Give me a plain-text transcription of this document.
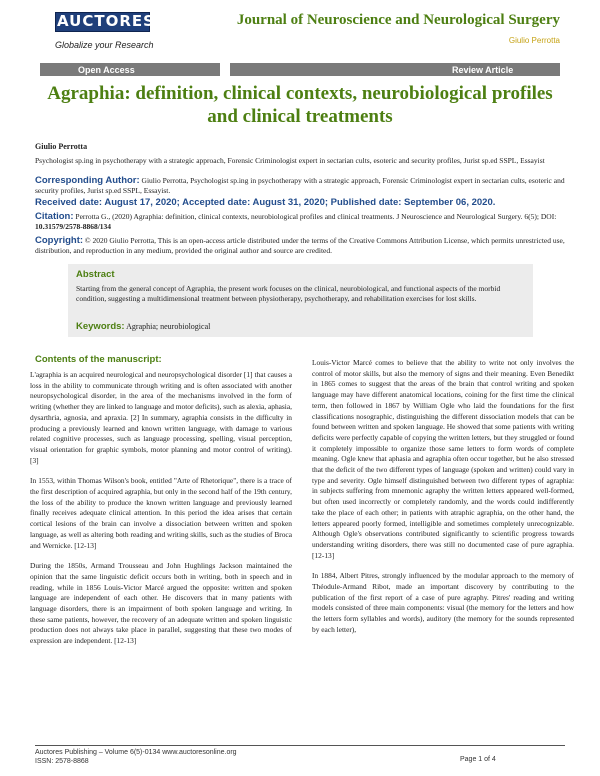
AUCTORES
Globalize your Research
Journal of Neuroscience and Neurological Surgery
Giulio Perrotta
Open Access	Review Article
Agraphia: definition, clinical contexts, neurobiological profiles and clinical treatments
Giulio Perrotta
Psychologist sp.ing in psychotherapy with a strategic approach, Forensic Criminologist expert in sectarian cults, esoteric and security profiles, Jurist sp.ed SSPL, Essayist
Corresponding Author: Giulio Perrotta, Psychologist sp.ing in psychotherapy with a strategic approach, Forensic Criminologist expert in sectarian cults, esoteric and security profiles, Jurist sp.ed SSPL, Essayist.
Received date: August 17, 2020; Accepted date: August 31, 2020; Published date: September 06, 2020.
Citation: Perrotta G., (2020) Agraphia: definition, clinical contexts, neurobiological profiles and clinical treatments. J Neuroscience and Neurological Surgery. 6(5); DOI: 10.31579/2578-8868/134
Copyright: © 2020 Giulio Perrotta, This is an open-access article distributed under the terms of the Creative Commons Attribution License, which permits unrestricted use, distribution, and reproduction in any medium, provided the original author and source are credited.
Abstract
Starting from the general concept of Agraphia, the present work focuses on the clinical, neurobiological, and functional aspects of the morbid condition, suggesting a multidimensional treatment between physiotherapy, psychotherapy, and rehabilitation exercises for lost skills.
Keywords: Agraphia; neurobiological
Contents of the manuscript:

L'agraphia is an acquired neurological and neuropsychological disorder [1] that causes a loss in the ability to communicate through writing and is often associated with another neuropsychological disorder, in the area of the mechanisms involved in the form of writing (whether they are linked to language and motor deficits), such as alexia, aphasia, dysarthria, agnosia, and apraxia. [2] In summary, agraphia consists in the difficulty in producing a previously learned and known written language, with damage to various related cognitive processes, such as language processing, spelling, visual perception, visual orientation for graphic symbols, motor planning and motor control of writing). [3]

In 1553, within Thomas Wilson's book, entitled "Arte of Rhetorique", there is a trace of the first description of acquired agraphia, but only in the second half of the 19th century, the loss of the ability to produce the known written language and previously learned finally receives adequate clinical attention. In this period the idea arises that certain cortical lesions of the brain can involve a dissociation between written and spoken language, as well as altering both reading and writing skills, such as the studies of Broca and Wernicke. [12-13]

During the 1850s, Armand Trousseau and John Hughlings Jackson maintained the opinion that the same linguistic deficit occurs both in writing, both in speech and in reading, while in 1856 Louis-Victor Marcé argued the opposite: written and spoken language are independent of each other. He discovers that in many patients with language disorders, there is an impairment of both spoken language and writing. In these same patients, however, the recovery of an adequate written and spoken linguistic production does not always take place in parallel, suggesting that these two modes of expression are independent. [12-13]

Louis-Victor Marcé comes to believe that the ability to write not only involves the control of motor skills, but also the memory of signs and their meaning. Even Benedikt in 1865 comes to suggest that the areas of the brain that control writing and spoken language may have different anatomical locations, coining for the first time the clinical term, then followed in 1867 by William Ogle who laid the foundations for the first classifications nosographic, distinguishing the different dissociation models that can be found between written and spoken language. He showed that some patients with writing deficits were perfectly capable of copying the written letters, but they struggled or found it completely impossible to organize those same letters to form words of complete meaning. Ogle knew that aphasia and agraphia often occur together, but he also stressed that the deficit of the two different types of language (spoken and written) could vary in type and severity. Ogle himself distinguished between two different types of agraphia: in subjects suffering from mnemonic agraphy the written letters appeared well-formed, but often used incorrectly or completely randomly, and the words could indifferently take the place of each other; in patients with atraphic agraphia, on the other hand, the letters appeared poorly formed, intelligible and sometimes completely unrecognizable. Although Ogle's observations contributed significantly to scientific progress towards understanding writing disorders, there was still no documented case of pure agraphia. [12-13]

In 1884, Albert Pitres, strongly influenced by the modular approach to the memory of Théodule-Armand Ribot, made an important discovery by contributing to the publication of the first report of a case of pure agraphy. Pitres' reading and writing models consisted of three main components: visual (the memory for the letters and how the letters form syllables and words), auditory (the memory for the sounds represented by each letter),

Auctores Publishing – Volume 6(5)-0134 www.auctoresonline.org
ISSN: 2578-8868	Page 1 of 4
